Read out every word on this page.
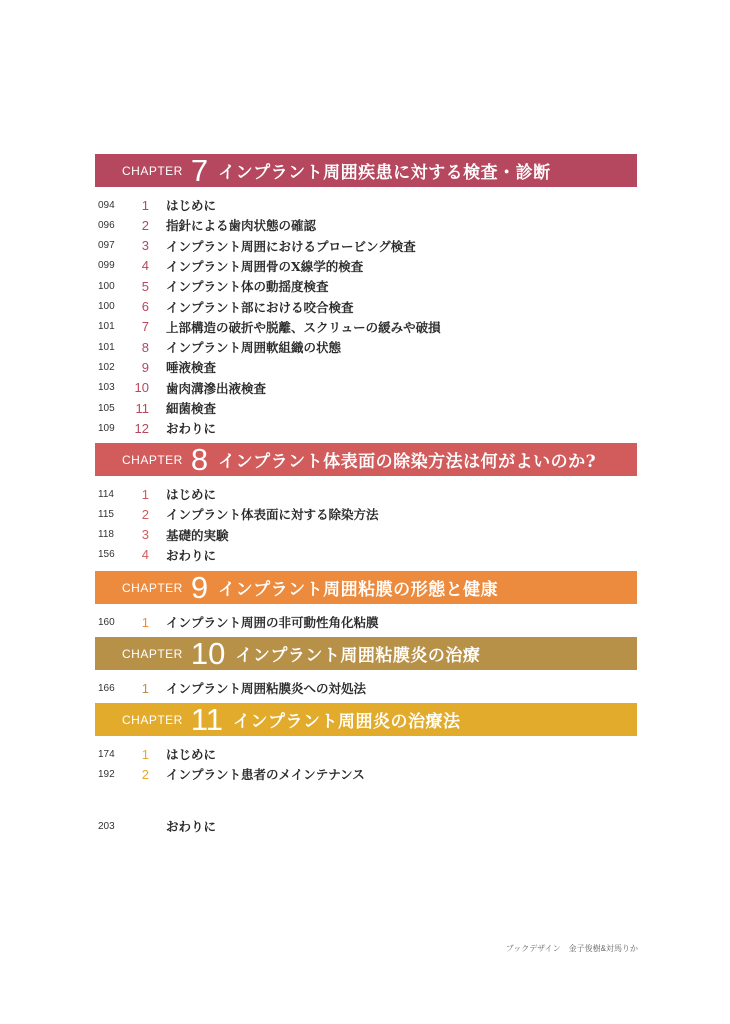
CHAPTER 7 インプラント周囲疾患に対する検査・診断
094	1 はじめに
096	2 指針による歯肉状態の確認
097	3 インプラント周囲におけるプロービング検査
099	4 インプラント周囲骨のX線学的検査
100	5 インプラント体の動揺度検査
100	6 インプラント部における咬合検査
101	7 上部構造の破折や脱離、スクリューの緩みや破損
101	8 インプラント周囲軟組織の状態
102	9 唾液検査
103	10 歯肉溝滲出液検査
105	11 細菌検査
109	12 おわりに
CHAPTER 8 インプラント体表面の除染方法は何がよいのか?
114	1 はじめに
115	2 インプラント体表面に対する除染方法
118	3 基礎的実験
156	4 おわりに
CHAPTER 9 インプラント周囲粘膜の形態と健康
160	1 インプラント周囲の非可動性角化粘膜
CHAPTER 10 インプラント周囲粘膜炎の治療
166	1 インプラント周囲粘膜炎への対処法
CHAPTER 11 インプラント周囲炎の治療法
174	1 はじめに
192	2 インプラント患者のメインテナンス
203	おわりに
ブックデザイン　金子俊樹&対馬りか
